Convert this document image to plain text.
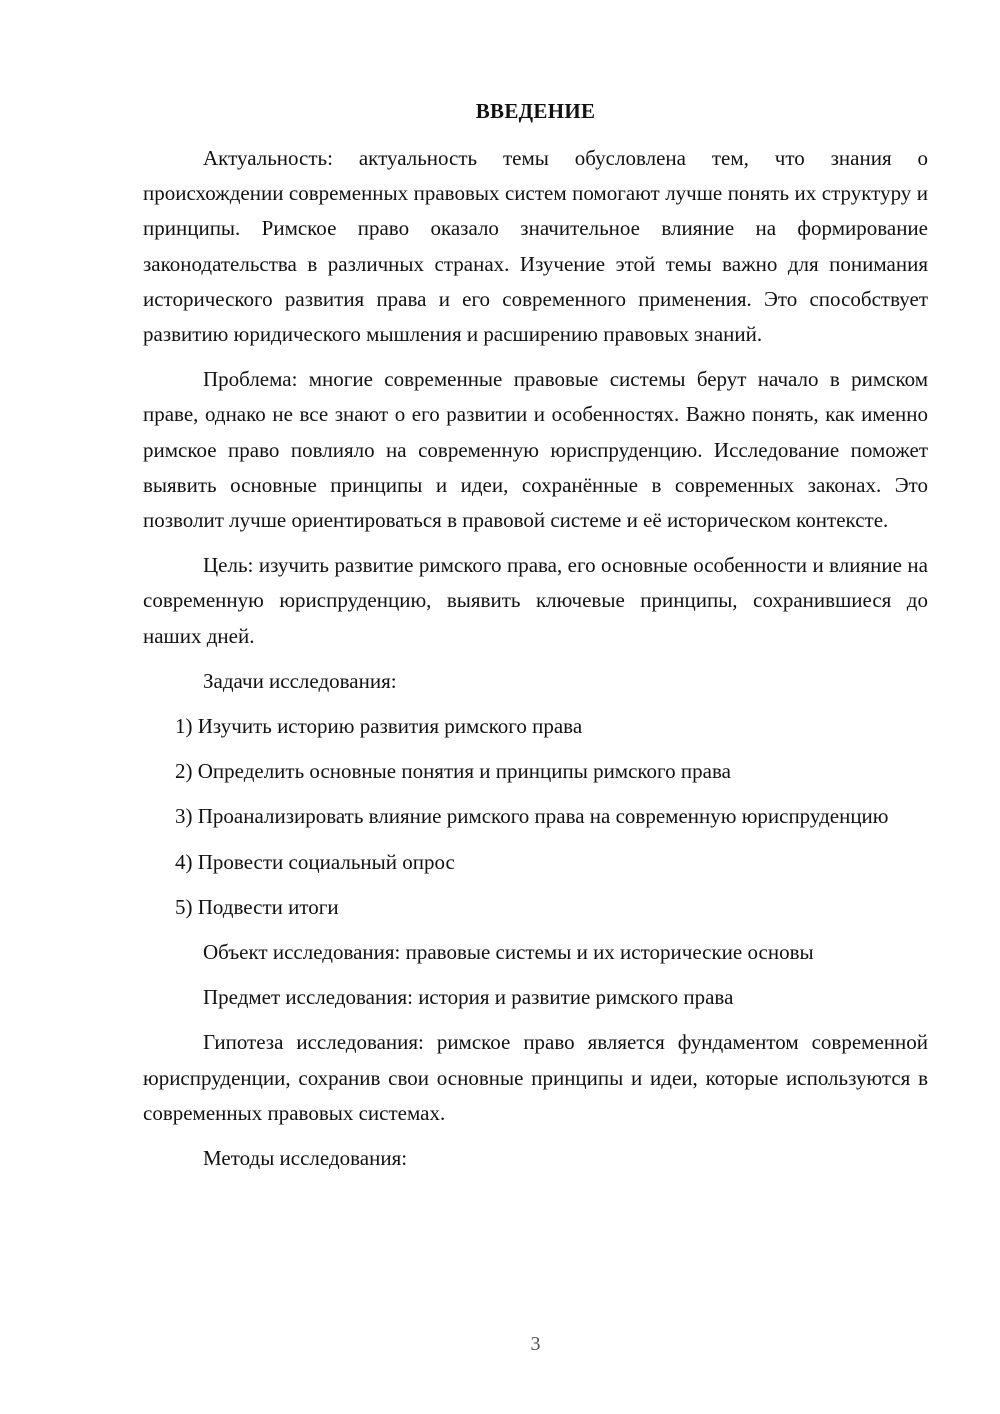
ВВЕДЕНИЕ

Актуальность: актуальность темы обусловлена тем, что знания о происхождении современных правовых систем помогают лучше понять их структуру и принципы. Римское право оказало значительное влияние на формирование законодательства в различных странах. Изучение этой темы важно для понимания исторического развития права и его современного применения. Это способствует развитию юридического мышления и расширению правовых знаний.

Проблема: многие современные правовые системы берут начало в римском праве, однако не все знают о его развитии и особенностях. Важно понять, как именно римское право повлияло на современную юриспруденцию. Исследование поможет выявить основные принципы и идеи, сохранённые в современных законах. Это позволит лучше ориентироваться в правовой системе и её историческом контексте.

Цель: изучить развитие римского права, его основные особенности и влияние на современную юриспруденцию, выявить ключевые принципы, сохранившиеся до наших дней.

Задачи исследования:

1) Изучить историю развития римского права

2) Определить основные понятия и принципы римского права

3) Проанализировать влияние римского права на современную юриспруденцию

4) Провести социальный опрос

5) Подвести итоги

Объект исследования: правовые системы и их исторические основы

Предмет исследования: история и развитие римского права

Гипотеза исследования: римское право является фундаментом современной юриспруденции, сохранив свои основные принципы и идеи, которые используются в современных правовых системах.

Методы исследования:

3
